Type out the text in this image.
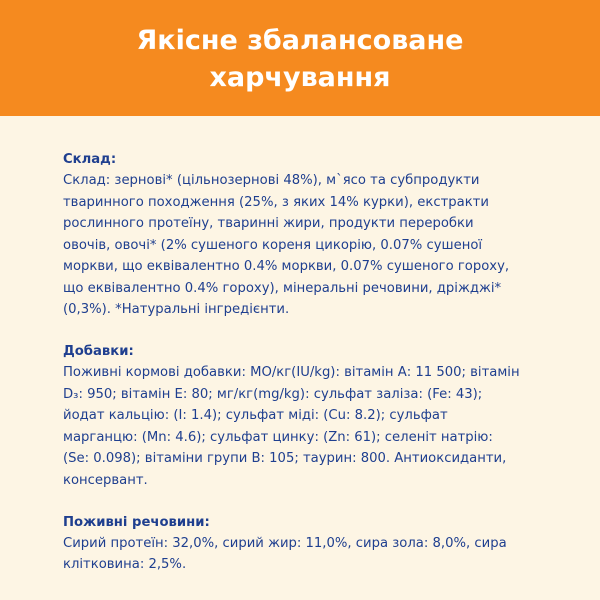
Якісне збалансоване
харчування
Склад:
Склад: зернові* (цільнозернові 48%), м`ясо та субпродукти
тваринного походження (25%, з яких 14% курки), екстракти
рослинного протеїну, тваринні жири, продукти переробки
овочів, овочі* (2% сушеного кореня цикорію, 0.07% сушеної
моркви, що еквівалентно 0.4% моркви, 0.07% сушеного гороху,
що еквівалентно 0.4% гороху), мінеральні речовини, дріжджі*
(0,3%). *Натуральні інгредієнти.
Добавки:
Поживні кормові добавки: МО/кг(IU/kg): вітамін А: 11 500; вітамін
D₃: 950; вітамін Е: 80; мг/кг(mg/kg): сульфат заліза: (Fe: 43);
йодат кальцію: (I: 1.4); сульфат міді: (Cu: 8.2); сульфат
марганцю: (Mn: 4.6); сульфат цинку: (Zn: 61); селеніт натрію:
(Se: 0.098); вітаміни групи В: 105; таурин: 800. Антиоксиданти,
консервант.
Поживні речовини:
Сирий протеїн: 32,0%, сирий жир: 11,0%, сира зола: 8,0%, сира
клітковина: 2,5%.
